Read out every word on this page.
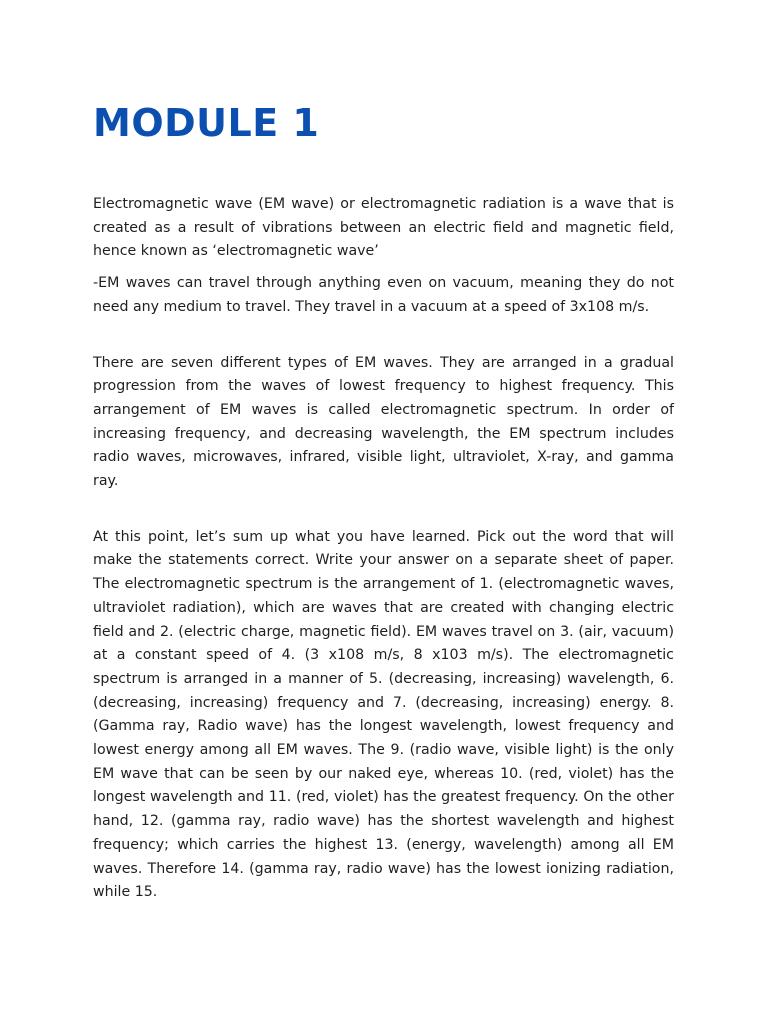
MODULE 1

Electromagnetic wave (EM wave) or electromagnetic radiation is a wave that is created as a result of vibrations between an electric field and magnetic field, hence known as ‘electromagnetic wave’

-EM waves can travel through anything even on vacuum, meaning they do not need any medium to travel. They travel in a vacuum at a speed of 3x108 m/s.

There are seven different types of EM waves. They are arranged in a gradual progression from the waves of lowest frequency to highest frequency. This arrangement of EM waves is called electromagnetic spectrum. In order of increasing frequency, and decreasing wavelength, the EM spectrum includes radio waves, microwaves, infrared, visible light, ultraviolet, X-ray, and gamma ray.

At this point, let’s sum up what you have learned. Pick out the word that will make the statements correct. Write your answer on a separate sheet of paper. The electromagnetic spectrum is the arrangement of 1. (electromagnetic waves, ultraviolet radiation), which are waves that are created with changing electric field and 2. (electric charge, magnetic field). EM waves travel on 3. (air, vacuum) at a constant speed of 4. (3 x108 m/s, 8 x103 m/s). The electromagnetic spectrum is arranged in a manner of 5. (decreasing, increasing) wavelength, 6. (decreasing, increasing) frequency and 7. (decreasing, increasing) energy. 8. (Gamma ray, Radio wave) has the longest wavelength, lowest frequency and lowest energy among all EM waves. The 9. (radio wave, visible light) is the only EM wave that can be seen by our naked eye, whereas 10. (red, violet) has the longest wavelength and 11. (red, violet) has the greatest frequency. On the other hand, 12. (gamma ray, radio wave) has the shortest wavelength and highest frequency; which carries the highest 13. (energy, wavelength) among all EM waves. Therefore 14. (gamma ray, radio wave) has the lowest ionizing radiation, while 15.
